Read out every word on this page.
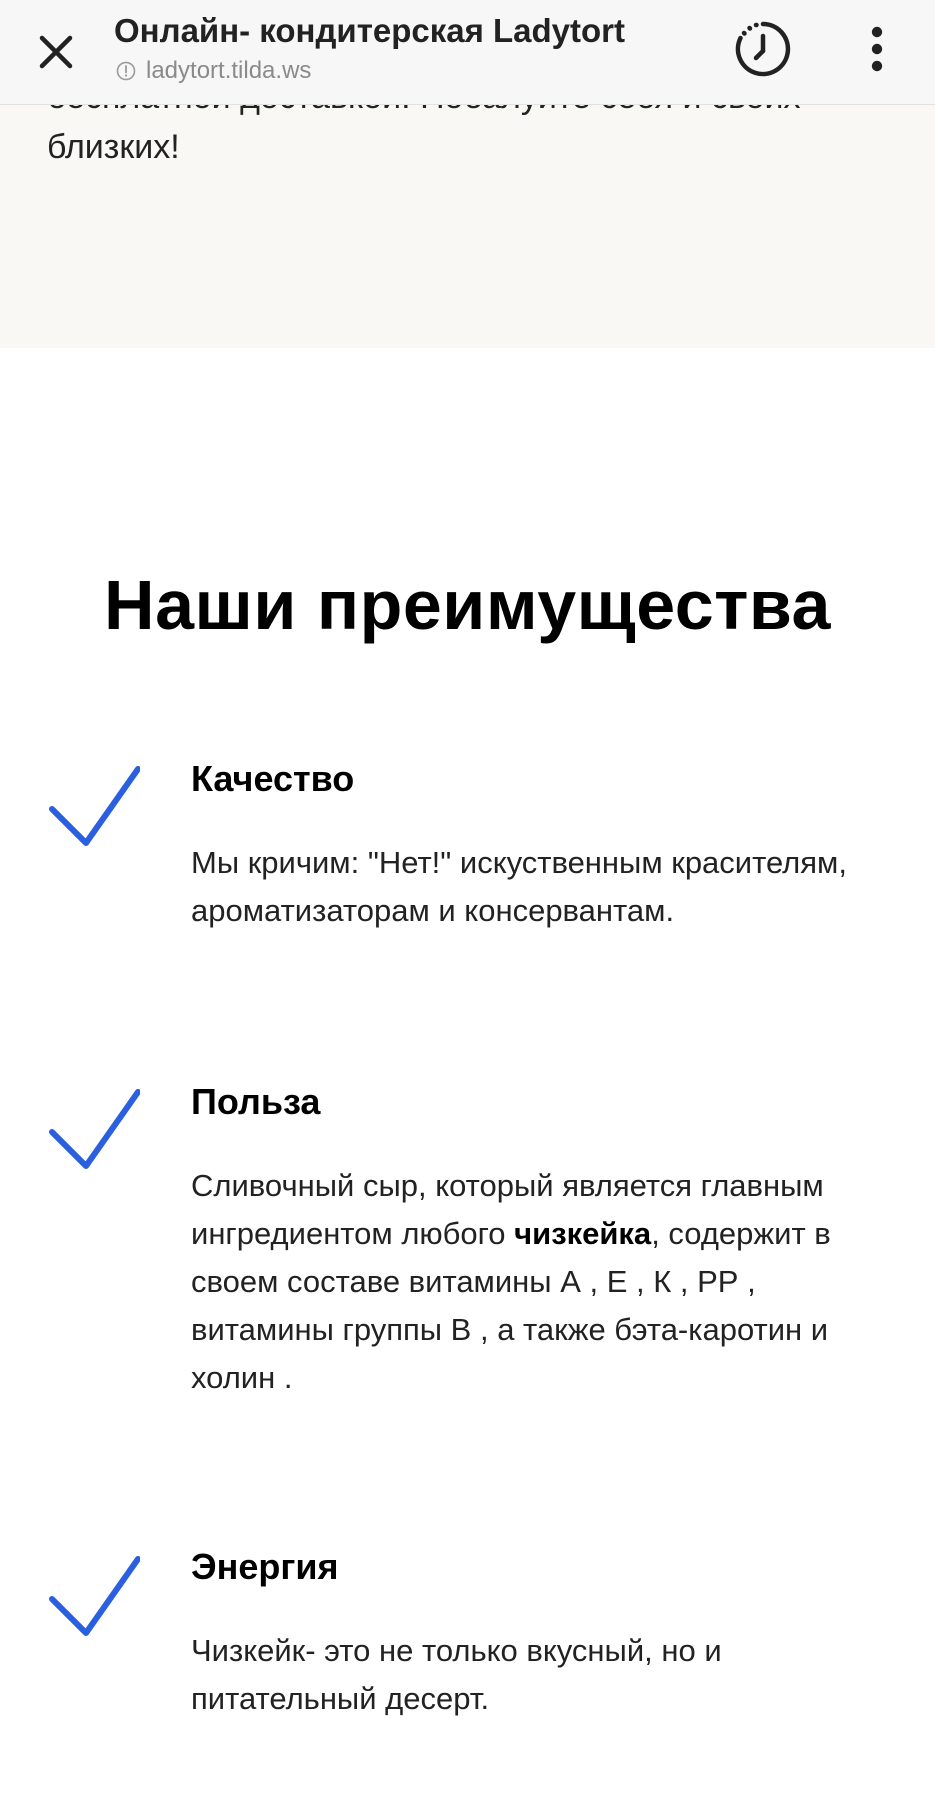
близких!
Онлайн- кондитерская Ladytort
ladytort.tilda.ws
Наши преимущества
Качество
Мы кричим: "Нет!" искуственным красителям, ароматизаторам и консервантам.
Польза
Сливочный сыр, который является главным ингредиентом любого чизкейка, содержит в своем составе витамины А , Е , К , РР , витамины группы В , а также бэта-каротин и холин .
Энергия
Чизкейк- это не только вкусный, но и питательный десерт.
